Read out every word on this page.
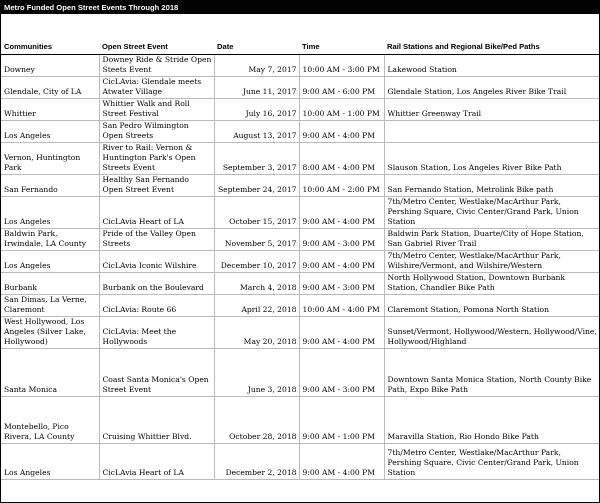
Metro Funded Open Street Events Through 2018
Communities	Open Street Event	Date	Time	Rail Stations and Regional Bike/Ped Paths
Downey	Downey Ride & Stride Open Steets Event	May 7, 2017	10:00 AM - 3:00 PM	Lakewood Station
Glendale, City of LA	CicLAvia: Glendale meets Atwater Village	June 11, 2017	9:00 AM - 6:00 PM	Glendale Station, Los Angeles River Bike Trail
Whittier	Whittier Walk and Roll Street Festival	July 16, 2017	10:00 AM - 1:00 PM	Whittier Greenway Trail
Los Angeles	San Pedro Wilmington Open Streets	August 13, 2017	9:00 AM - 4:00 PM	
Vernon, Huntington Park	River to Rail: Vernon & Huntington Park's Open Streets Event	September 3, 2017	8:00 AM - 4:00 PM	Slauson Station, Los Angeles River Bike Path
San Fernando	Healthy San Fernando Open Street Event	September 24, 2017	10:00 AM - 2:00 PM	San Fernando Station, Metrolink Bike path
Los Angeles	CicLAvia Heart of LA	October 15, 2017	9:00 AM - 4:00 PM	7th/Metro Center, Westlake/MacArthur Park, Pershing Square, Civic Center/Grand Park, Union Station
Baldwin Park, Irwindale, LA County	Pride of the Valley Open Streets	November 5, 2017	9:00 AM - 3:00 PM	Baldwin Park Station, Duarte/City of Hope Station, San Gabriel River Trail
Los Angeles	CicLAvia Iconic Wilshire	December 10, 2017	9:00 AM - 4:00 PM	7th/Metro Center, Westlake/MacArthur Park, Wilshire/Vermont, and Wilshire/Western
Burbank	Burbank on the Boulevard	March 4, 2018	9:00 AM - 3:00 PM	North Hollywood Station, Downtown Burbank Station, Chandler Bike Path
San Dimas, La Verne, Claremont	CicLAvia: Route 66	April 22, 2018	10:00 AM - 4:00 PM	Claremont Station, Pomona North Station
West Hollywood, Los Angeles (Silver Lake, Hollywood)	CicLAvia: Meet the Hollywoods	May 20, 2018	9:00 AM - 4:00 PM	Sunset/Vermont, Hollywood/Western, Hollywood/Vine, Hollywood/Highland
Santa Monica	Coast Santa Monica's Open Street Event	June 3, 2018	9:00 AM - 3:00 PM	Downtown Santa Monica Station, North County Bike Path, Expo Bike Path
Montebello, Pico Rivera, LA County	Cruising Whittier Blvd.	October 28, 2018	9:00 AM - 1:00 PM	Maravilla Station, Rio Hondo Bike Path
Los Angeles	CicLAvia Heart of LA	December 2, 2018	9:00 AM - 4:00 PM	7th/Metro Center, Westlake/MacArthur Park, Pershing Square, Civic Center/Grand Park, Union Station
